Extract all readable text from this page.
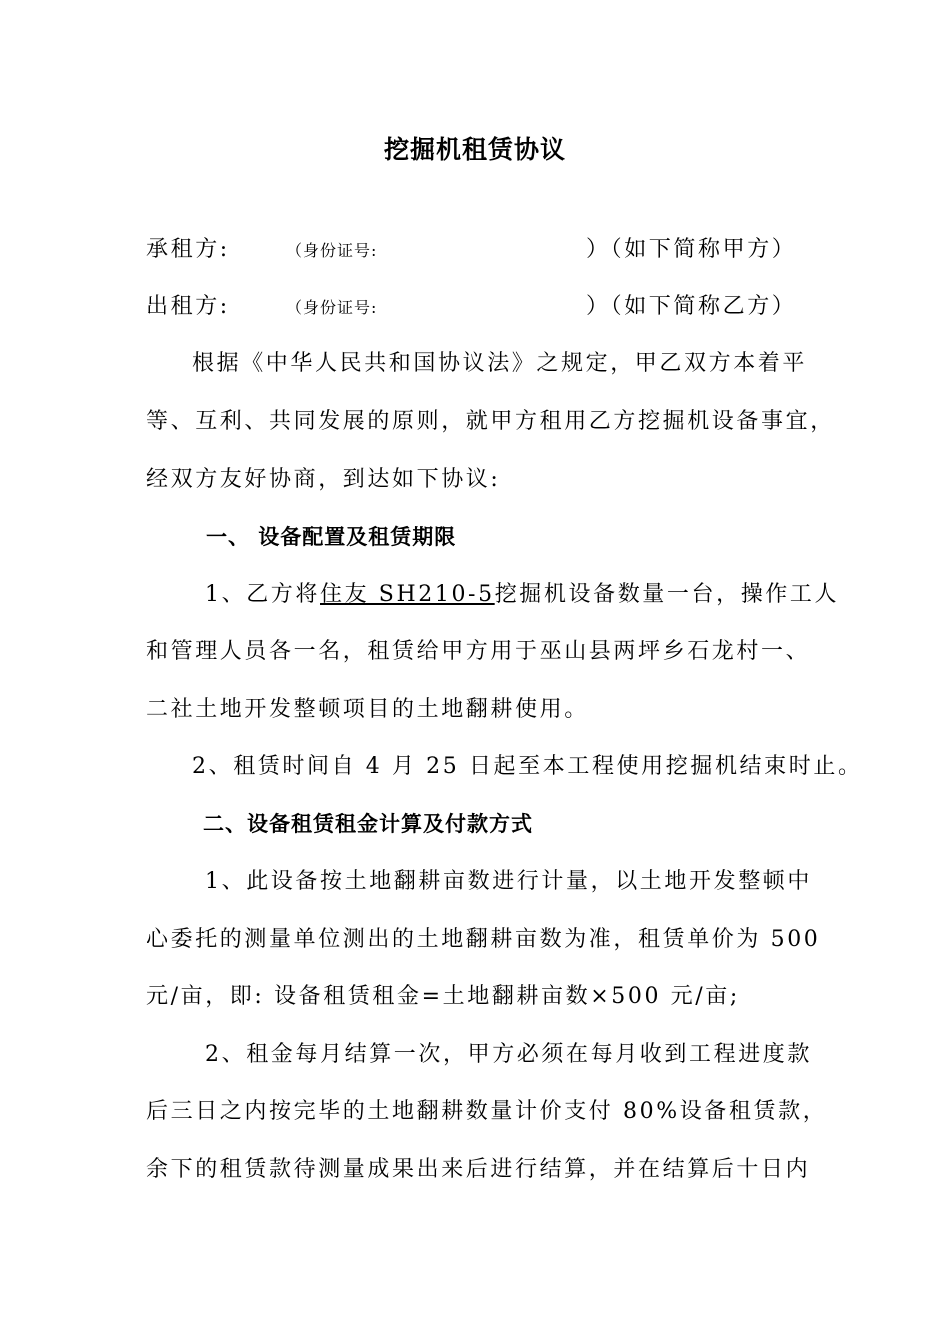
挖掘机租赁协议
承租方:	（身份证号:	）（如下简称甲方）
出租方:	（身份证号:	）（如下简称乙方）
根据《中华人民共和国协议法》之规定，甲乙双方本着平
等、互利、共同发展的原则，就甲方租用乙方挖掘机设备事宜，
经双方友好协商，到达如下协议:
一、 设备配置及租赁期限
1、乙方将住友 SH210-5挖掘机设备数量一台，操作工人
和管理人员各一名，租赁给甲方用于巫山县两坪乡石龙村一、
二社土地开发整顿项目的土地翻耕使用。
2、租赁时间自 4 月 25 日起至本工程使用挖掘机结束时止。
二、设备租赁租金计算及付款方式
1、此设备按土地翻耕亩数进行计量，以土地开发整顿中
心委托的测量单位测出的土地翻耕亩数为准，租赁单价为 500
元/亩，即: 设备租赁租金=土地翻耕亩数×500 元/亩;
2、租金每月结算一次，甲方必须在每月收到工程进度款
后三日之内按完毕的土地翻耕数量计价支付 80%设备租赁款，
余下的租赁款待测量成果出来后进行结算，并在结算后十日内
